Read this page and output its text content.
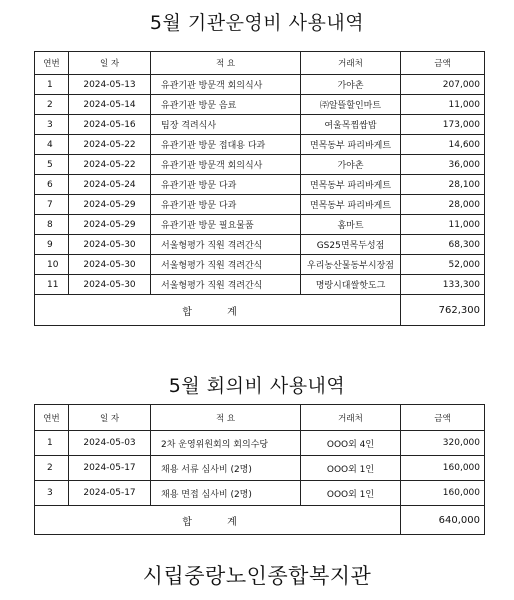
5월 기관운영비 사용내역
연번	일 자	적 요	거래처	금액
1	2024-05-13	유관기관 방문객 회의식사	가야촌	207,000
2	2024-05-14	유관기관 방문 음료	㈜알뜰할인마트	11,000
3	2024-05-16	팀장 격려식사	여울목찜쌈밥	173,000
4	2024-05-22	유관기관 방문 접대용 다과	면목동부 파리바게트	14,600
5	2024-05-22	유관기관 방문객 회의식사	가야촌	36,000
6	2024-05-24	유관기관 방문 다과	면목동부 파리바게트	28,100
7	2024-05-29	유관기관 방문 다과	면목동부 파리바게트	28,000
8	2024-05-29	유관기관 방문 필요물품	홈마트	11,000
9	2024-05-30	서울형평가 직원 격려간식	GS25면목두성점	68,300
10	2024-05-30	서울형평가 직원 격려간식	우리농산물동부시장점	52,000
11	2024-05-30	서울형평가 직원 격려간식	명랑시대쌀핫도그	133,300
합 계				762,300
5월 회의비 사용내역
연번	일 자	적 요	거래처	금액
1	2024-05-03	2차 운영위원회의 회의수당	OOO외 4인	320,000
2	2024-05-17	채용 서류 심사비 (2명)	OOO외 1인	160,000
3	2024-05-17	채용 면접 심사비 (2명)	OOO외 1인	160,000
합 계				640,000
시립중랑노인종합복지관
